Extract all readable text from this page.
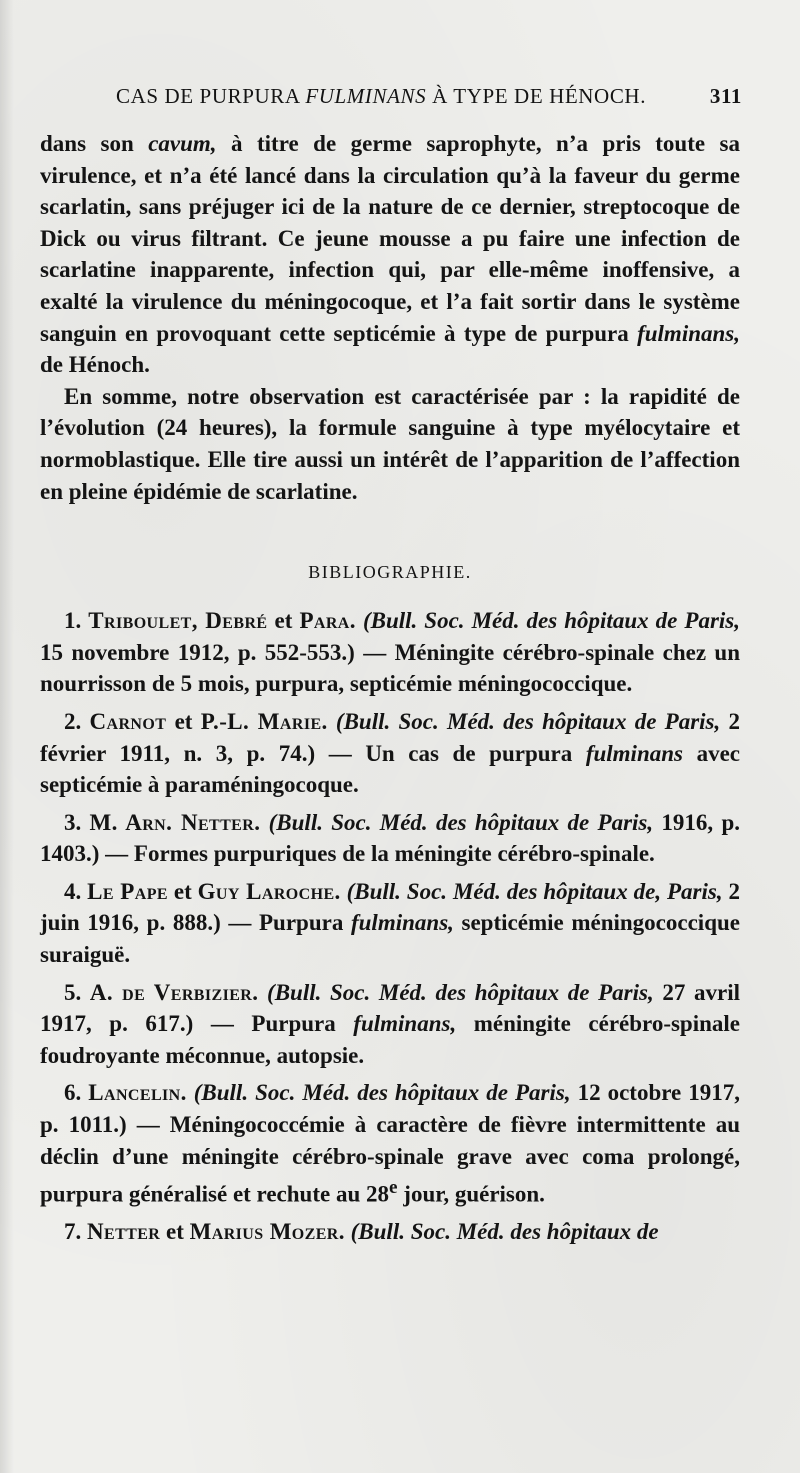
CAS DE PURPURA FULMINANS À TYPE DE HÉNOCH.	311

dans son cavum, à titre de germe saprophyte, n’a pris toute sa virulence, et n’a été lancé dans la circulation qu’à la faveur du germe scarlatin, sans préjuger ici de la nature de ce dernier, streptocoque de Dick ou virus filtrant. Ce jeune mousse a pu faire une infection de scarlatine inapparente, infection qui, par elle-même inoffensive, a exalté la virulence du méningocoque, et l’a fait sortir dans le système sanguin en provoquant cette septicémie à type de purpura fulminans, de Hénoch.

En somme, notre observation est caractérisée par : la rapidité de l’évolution (24 heures), la formule sanguine à type myélocytaire et normoblastique. Elle tire aussi un intérêt de l’apparition de l’affection en pleine épidémie de scarlatine.

BIBLIOGRAPHIE.

1. Triboulet, Debré et Para. (Bull. Soc. Méd. des hôpitaux de Paris, 15 novembre 1912, p. 552-553.) — Méningite cérébro-spinale chez un nourrisson de 5 mois, purpura, septicémie méningococcique.

2. Carnot et P.-L. Marie. (Bull. Soc. Méd. des hôpitaux de Paris, 2 février 1911, n. 3, p. 74.) — Un cas de purpura fulminans avec septicémie à paraméningocoque.

3. M. Arn. Netter. (Bull. Soc. Méd. des hôpitaux de Paris, 1916, p. 1403.) — Formes purpuriques de la méningite cérébro-spinale.

4. Le Pape et Guy Laroche. (Bull. Soc. Méd. des hôpitaux de, Paris, 2 juin 1916, p. 888.) — Purpura fulminans, septicémie méningococcique suraiguë.

5. A. de Verbizier. (Bull. Soc. Méd. des hôpitaux de Paris, 27 avril 1917, p. 617.) — Purpura fulminans, méningite cérébro-spinale foudroyante méconnue, autopsie.

6. Lancelin. (Bull. Soc. Méd. des hôpitaux de Paris, 12 octobre 1917, p. 1011.) — Méningococcémie à caractère de fièvre intermittente au déclin d’une méningite cérébro-spinale grave avec coma prolongé, purpura généralisé et rechute au 28e jour, guérison.

7. Netter et Marius Mozer. (Bull. Soc. Méd. des hôpitaux de
